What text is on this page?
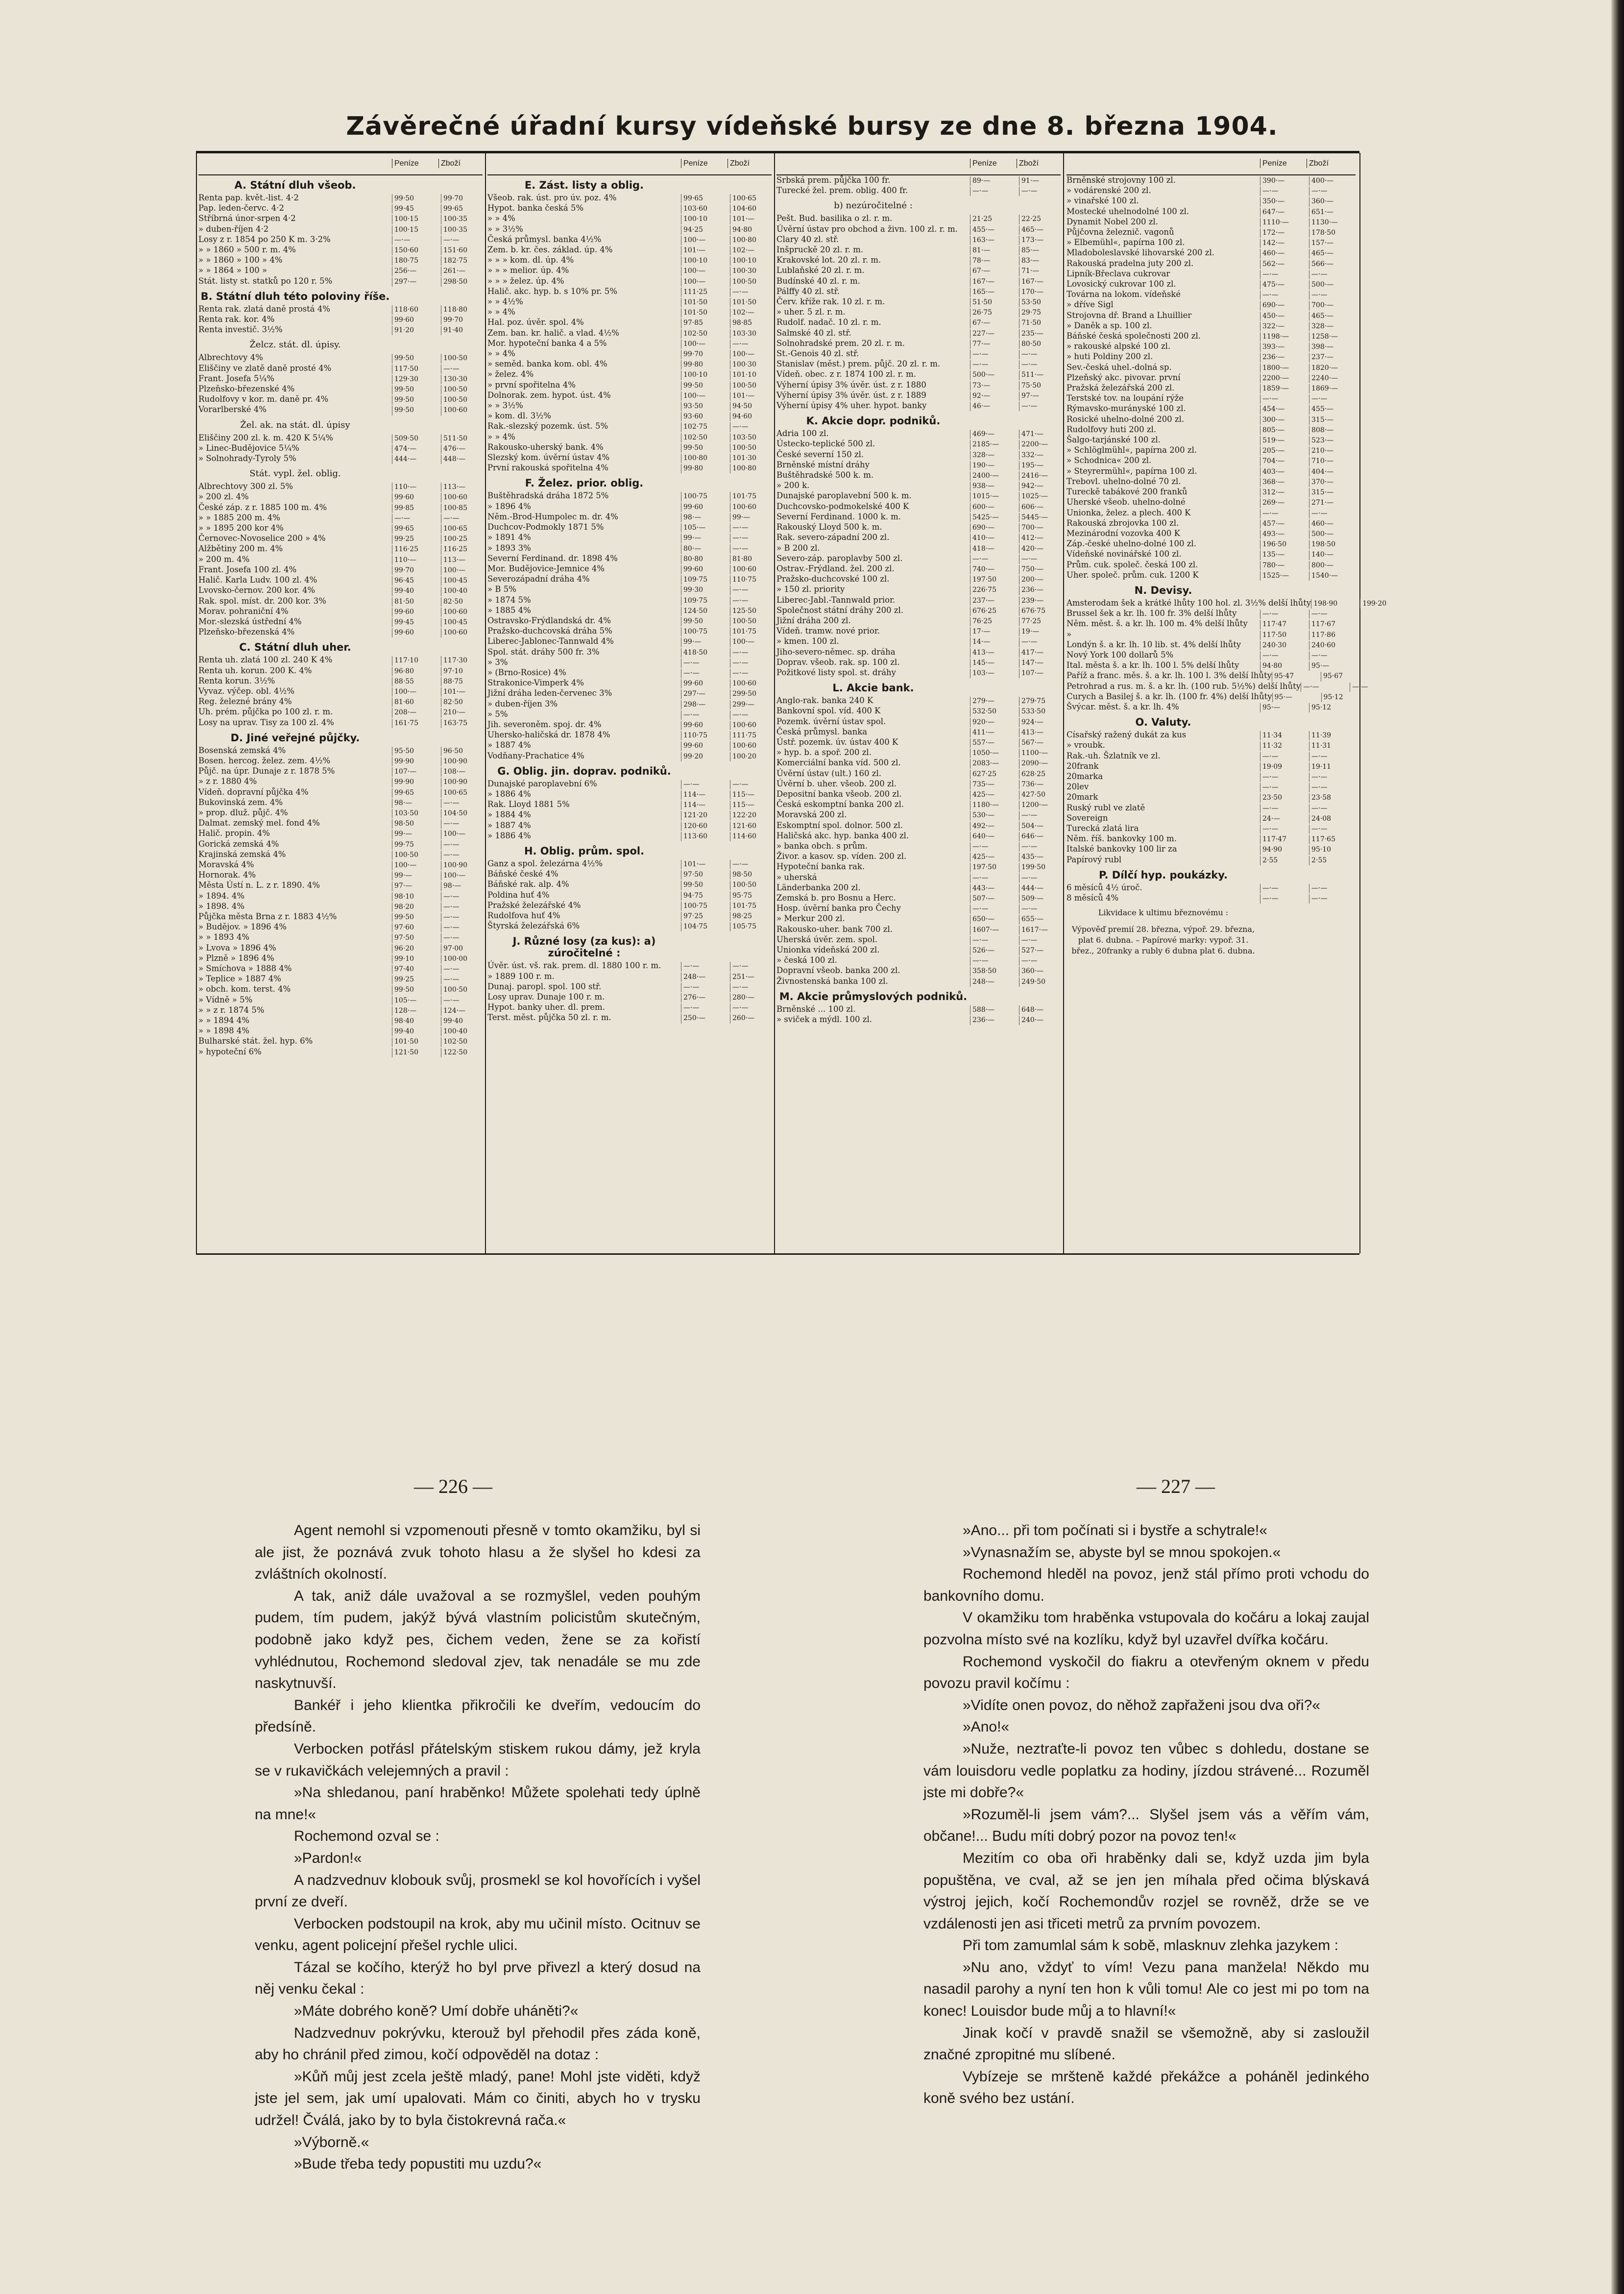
Závěrečné úřadní kursy vídeňské bursy ze dne 8. března 1904.
Peníze	Zboží
A. Státní dluh všeob.
Renta pap. květ.-list. 4·2	99·50	99·70
Pap. leden-červc. 4·2	99·45	99·65
Stříbrná únor-srpen 4·2	100·15	100·35
» duben-říjen 4·2	100·15	100·35
Losy z r. 1854 po 250 K m. 3·2%	—·—	—·—
» » 1860 » 500 r. m. 4%	150·60	151·60
» » 1860 » 100 » 4%	180·75	182·75
» » 1864 » 100 »	256·—	261·—
Stát. listy st. statků po 120 r. 5%	297·—	298·50
B. Státní dluh této poloviny říše.
Renta rak. zlatá daně prostá 4%	118·60	118·80
Renta rak. kor. 4%	99·60	99·70
Renta investič. 3½%	91·20	91·40
Želcz. stát. dl. úpisy.
Albrechtovy 4%	99·50	100·50
Eliščiny ve zlatě daně prosté 4%	117·50	—·—
Frant. Josefa 5¼%	129·30	130·30
Plzeňsko-březenské 4%	99·50	100·50
Rudolfovy v kor. m. daně pr. 4%	99·50	100·50
Vorarlberské 4%	99·50	100·60
Žel. ak. na stát. dl. úpisy
Eliščiny 200 zl. k. m. 420 K 5¼%	509·50	511·50
» Linec-Budějovice 5¼%	474·—	476·—
» Solnohrady-Tyroly 5%	444·—	448·—
Stát. vypl. žel. oblig.
Albrechtovy 300 zl. 5%	110·—	113·—
» 200 zl. 4%	99·60	100·60
České záp. z r. 1885 100 m. 4%	99·85	100·85
» » 1885 200 m. 4%	—·—	—·—
» » 1895 200 kor 4%	99·65	100·65
Černovec-Novoselice 200 » 4%	99·25	100·25
Alžbětiny 200 m. 4%	116·25	116·25
» 200 m. 4%	110·—	113·—
Frant. Josefa 100 zl. 4%	99·70	100·—
Halič. Karla Ludv. 100 zl. 4%	96·45	100·45
Lvovsko-černov. 200 kor. 4%	99·40	100·40
Rak. spol. míst. dr. 200 kor. 3%	81·50	82·50
Morav. pohraniční 4%	99·60	100·60
Mor.-slezská ústřední 4%	99·45	100·45
Plzeňsko-březenská 4%	99·60	100·60
C. Státní dluh uher.
Renta uh. zlatá 100 zl. 240 K 4%	117·10	117·30
Renta uh. korun. 200 K. 4%	96·80	97·10
Renta korun. 3½%	88·55	88·75
Vyvaz. výčep. obl. 4½%	100·—	101·—
Reg. železné brány 4%	81·60	82·50
Uh. prém. půjčka po 100 zl. r. m.	208·—	210·—
Losy na uprav. Tisy za 100 zl. 4%	161·75	163·75
D. Jiné veřejné půjčky.
Bosenská zemská 4%	95·50	96·50
Bosen. hercog. želez. zem. 4½%	99·90	100·90
Půjč. na úpr. Dunaje z r. 1878 5%	107·—	108·—
» z r. 1880 4%	99·90	100·90
Vídeň. dopravní půjčka 4%	99·65	100·65
Bukovinská zem. 4%	98·—	—·—
» prop. dluž. půjč. 4%	103·50	104·50
Dalmat. zemský mel. fond 4%	98·50	—·—
Halič. propin. 4%	99·—	100·—
Gorická zemská 4%	99·75	—·—
Krajinská zemská 4%	100·50	—·—
Moravská 4%	100·—	100·90
Hornorak. 4%	99·—	100·—
Města Ústí n. L. z r. 1890. 4%	97·—	98·—
» 1894. 4%	98·10	—·—
» 1898. 4%	98·20	—·—
Půjčka města Brna z r. 1883 4½%	99·50	—·—
» Budějov. » 1896 4%	97·60	—·—
» » 1893 4%	97·50	—·—
» Lvova » 1896 4%	96·20	97·00
» Plzně » 1896 4%	99·10	100·00
» Smíchova » 1888 4%	97·40	—·—
» Teplice » 1887 4%	99·25	—·—
» obch. kom. terst. 4%	99·50	100·50
» Vídně » 5%	105·—	—·—
» » z r. 1874 5%	128·—	124·—
» » 1894 4%	98·40	99·40
» » 1898 4%	99·40	100·40
Bulharské stát. žel. hyp. 6%	101·50	102·50
» hypoteční 6%	121·50	122·50
Peníze	Zboží
E. Zást. listy a oblig.
Všeob. rak. úst. pro úv. poz. 4%	99·65	100·65
Hypot. banka česká 5%	103·60	104·60
» » 4%	100·10	101·—
» » 3½%	94·25	94·80
Česká průmysl. banka 4½%	100·—	100·80
Zem. b. kr. čes. základ. úp. 4%	101·—	102·—
» » » kom. dl. úp. 4%	100·10	100·10
» » » melior. úp. 4%	100·—	100·30
» » » želez. úp. 4%	100·—	100·50
Halič. akc. hyp. b. s 10% pr. 5%	111·25	—·—
» » 4½%	101·50	101·50
» » 4%	101·50	102·—
Hal. poz. úvěr. spol. 4%	97·85	98·85
Zem. ban. kr. halič. a vlad. 4½%	102·50	103·30
Mor. hypoteční banka 4 a 5%	100·—	—·—
» » 4%	99·70	100·—
» seměd. banka kom. obl. 4%	99·80	100·30
» želez. 4%	100·10	101·10
» první spořitelna 4%	99·50	100·50
Dolnorak. zem. hypot. úst. 4%	100·—	101·—
» » 3½%	93·50	94·50
» kom. dl. 3½%	93·60	94·60
Rak.-slezský pozemk. úst. 5%	102·75	—·—
» » 4%	102·50	103·50
Rakousko-uherský bank. 4%	99·50	100·50
Slezský kom. úvěrní ústav 4%	100·80	101·30
První rakouská spořitelna 4%	99·80	100·80
F. Želez. prior. oblig.
Buštěhradská dráha 1872 5%	100·75	101·75
» 1896 4%	99·60	100·60
Něm.-Brod-Humpolec m. dr. 4%	98·—	99·—
Duchcov-Podmokly 1871 5%	105·—	—·—
» 1891 4%	99·—	—·—
» 1893 3%	80·—	—·—
Severní Ferdinand. dr. 1898 4%	80·80	81·80
Mor. Budějovice-Jemnice 4%	99·60	100·60
Severozápadní dráha 4%	109·75	110·75
» B 5%	99·30	—·—
» 1874 5%	109·75	—·—
» 1885 4%	124·50	125·50
Ostravsko-Frýdlandská dr. 4%	99·50	100·50
Pražsko-duchcovská dráha 5%	100·75	101·75
Liberec-Jablonec-Tannwald 4%	99·—	100·—
Spol. stát. dráhy 500 fr. 3%	418·50	—·—
» 3%	—·—	—·—
» (Brno-Rosice) 4%	—·—	—·—
Strakonice-Vimperk 4%	99·60	100·60
Jižní dráha leden-červenec 3%	297·—	299·50
» duben-říjen 3%	298·—	299·—
» 5%	—·—	—·—
Jih. severoněm. spoj. dr. 4%	99·60	100·60
Uhersko-haličská dr. 1878 4%	110·75	111·75
» 1887 4%	99·60	100·60
Vodňany-Prachatice 4%	99·20	100·20
G. Oblig. jin. doprav. podniků.
Dunajské paroplavební 6%	—·—	—·—
» 1886 4%	114·—	115·—
Rak. Lloyd 1881 5%	114·—	115·—
» 1884 4%	121·20	122·20
» 1887 4%	120·60	121·60
» 1886 4%	113·60	114·60
H. Oblig. prům. spol.
Ganz a spol. železárna 4½%	101·—	—·—
Báňské české 4%	97·50	98·50
Báňské rak. alp. 4%	99·50	100·50
Poldina huť 4%	94·75	95·75
Pražské železářské 4%	100·75	101·75
Rudolfova huť 4%	97·25	98·25
Štyrská železářská 6%	104·75	105·75
J. Různé losy (za kus): a) zúročitelné :
Úvěr. úst. vš. rak. prem. dl. 1880 100 r. m.	—·—	—·—
» 1889 100 r. m.	248·—	251·—
Dunaj. paropl. spol. 100 stř.	—·—	—·—
Losy uprav. Dunaje 100 r. m.	276·—	280·—
Hypot. banky uher. dl. prem.	—·—	—·—
Terst. měst. půjčka 50 zl. r. m.	250·—	260·—
Peníze	Zboží
Srbská prem. půjčka 100 fr.	89·—	91·—
Turecké žel. prem. oblig. 400 fr.	—·—	—·—
b) nezúročitelné :
Pešt. Bud. basilika o zl. r. m.	21·25	22·25
Úvěrní ústav pro obchod a živn. 100 zl. r. m.	455·—	465·—
Clary 40 zl. stř.	163·—	173·—
Inšpruckě 20 zl. r. m.	81·—	85·—
Krakovské lot. 20 zl. r. m.	78·—	83·—
Lublaňské 20 zl. r. m.	67·—	71·—
Budínské 40 zl. r. m.	167·—	167·—
Pálffy 40 zl. stř.	165·—	170·—
Červ. kříže rak. 10 zl. r. m.	51·50	53·50
» uher. 5 zl. r. m.	26·75	29·75
Rudolf. nadač. 10 zl. r. m.	67·—	71·50
Salmské 40 zl. stř.	227·—	235·—
Solnohradské prem. 20 zl. r. m.	77·—	80·50
St.-Genois 40 zl. stř.	—·—	—·—
Stanislav (měst.) prem. půjč. 20 zl. r. m.	—·—	—·—
Vídeň. obec. z r. 1874 100 zl. r. m.	500·—	511·—
Výherní úpisy 3% úvěr. úst. z r. 1880	73·—	75·50
Výherní úpisy 3% úvěr. úst. z r. 1889	92·—	97·—
Výherní úpisy 4% uher. hypot. banky	46·—	—·—
K. Akcie dopr. podniků.
Adria 100 zl.	469·—	471·—
Ústecko-teplické 500 zl.	2185·—	2200·—
České severní 150 zl.	328·—	332·—
Brněnské místní dráhy	190·—	195·—
Buštěhradské 500 k. m.	2400·—	2416·—
» 200 k.	938·—	942·—
Dunajské paroplavební 500 k. m.	1015·—	1025·—
Duchcovsko-podmokelské 400 K	600·—	606·—
Severní Ferdinand. 1000 k. m.	5425·—	5445·—
Rakouský Lloyd 500 k. m.	690·—	700·—
Rak. severo-západní 200 zl.	410·—	412·—
» B 200 zl.	418·—	420·—
Severo-záp. paroplavby 500 zl.	—·—	—·—
Ostrav.-Frýdland. žel. 200 zl.	740·—	750·—
Pražsko-duchcovské 100 zl.	197·50	200·—
» 150 zl. priority	226·75	236·—
Liberec-Jabl.-Tannwald prior.	237·—	239·—
Společnost státní dráhy 200 zl.	676·25	676·75
Jižní dráha 200 zl.	76·25	77·25
Vídeň. tramw. nové prior.	17·—	19·—
» kmen. 100 zl.	14·—	—·—
Jiho-severo-němec. sp. dráha	413·—	417·—
Doprav. všeob. rak. sp. 100 zl.	145·—	147·—
Požitkové listy spol. st. dráhy	103·—	107·—
L. Akcie bank.
Anglo-rak. banka 240 K	279·—	279·75
Bankovní spol. víd. 400 K	532·50	533·50
Pozemk. úvěrní ústav spol.	920·—	924·—
Česká průmysl. banka	411·—	413·—
Ústř. pozemk. úv. ústav 400 K	557·—	567·—
» hyp. b. a spoř. 200 zl.	1050·—	1100·—
Komerciální banka víd. 500 zl.	2083·—	2090·—
Úvěrní ústav (ult.) 160 zl.	627·25	628·25
Úvěrní b. uher. všeob. 200 zl.	735·—	736·—
Depositní banka všeob. 200 zl.	425·—	427·50
Česká eskomptní banka 200 zl.	1180·—	1200·—
Moravská 200 zl.	530·—	—·—
Eskomptní spol. dolnor. 500 zl.	492·—	504·—
Haličská akc. hyp. banka 400 zl.	640·—	646·—
» banka obch. s prům.	—·—	—·—
Živor. a kasov. sp. víden. 200 zl.	425·—	435·—
Hypoteční banka rak.	197·50	199·50
» uherská	—·—	—·—
Länderbanka 200 zl.	443·—	444·—
Zemská b. pro Bosnu a Herc.	507·—	509·—
Hosp. úvěrní banka pro Čechy	—·—	—·—
» Merkur 200 zl.	650·—	655·—
Rakousko-uher. bank 700 zl.	1607·—	1617·—
Uherská úvěr. zem. spol.	—·—	—·—
Unionka vídeňská 200 zl.	526·—	527·—
» česká 100 zl.	—·—	—·—
Dopravní všeob. banka 200 zl.	358·50	360·—
Živnostenská banka 100 zl.	248·—	249·50
M. Akcie průmyslových podniků.
Brněnské ... 100 zl.	588·—	648·—
» sviček a mýdl. 100 zl.	236·—	240·—
Peníze	Zboží
Brněnské strojovny 100 zl.	390·—	400·—
» vodárenské 200 zl.	—·—	—·—
» vinařské 100 zl.	350·—	360·—
Mostecké uhelnodolné 100 zl.	647·—	651·—
Dynamit Nobel 200 zl.	1110·—	1130·—
Půjčovna železnič. vagonů	172·—	178·50
» Elbemühl«, papírna 100 zl.	142·—	157·—
Mladoboleslavské lihovarské 200 zl.	460·—	465·—
Rakouská pradelna juty 200 zl.	562·—	566·—
Lipník-Břeclava cukrovar	—·—	—·—
Lovosický cukrovar 100 zl.	475·—	500·—
Továrna na lokom. vídeňské	—·—	—·—
» dříve Sigl	690·—	700·—
Strojovna dř. Brand a Lhuillier	450·—	465·—
» Daněk a sp. 100 zl.	322·—	328·—
Báňské česká společnosti 200 zl.	1198·—	1258·—
» rakouské alpské 100 zl.	393·—	398·—
» huti Poldiny 200 zl.	236·—	237·—
Sev.-česká uhel.-dolná sp.	1800·—	1820·—
Plzeňský akc. pivovar. první	2200·—	2240·—
Pražská železářská 200 zl.	1859·—	1869·—
Terstské tov. na loupání rýže	—·—	—·—
Rýmavsko-murányské 100 zl.	454·—	455·—
Rosické uhelno-dolné 200 zl.	300·—	315·—
Rudolfovy huti 200 zl.	805·—	808·—
Šalgo-tarjánské 100 zl.	519·—	523·—
» Schlöglmühl«, papírna 200 zl.	205·—	210·—
» Schodnica« 200 zl.	704·—	710·—
» Steyrermühl«, papírna 100 zl.	403·—	404·—
Trebovl. uhelno-dolné 70 zl.	368·—	370·—
Tureckě tabákové 200 franků	312·—	315·—
Uherské všeob. uhelno-dolné	269·—	271·—
Unionka, želez. a plech. 400 K	—·—	—·—
Rakouská zbrojovka 100 zl.	457·—	460·—
Mezinárodní vozovka 400 K	493·—	500·—
Záp.-české uhelno-dolné 100 zl.	196·50	198·50
Vídeňské novinářské 100 zl.	135·—	140·—
Prům. cuk. společ. česká 100 zl.	780·—	800·—
Uher. společ. prům. cuk. 1200 K	1525·—	1540·—
N. Devisy.
Amsterodam šek a krátké lhůty 100 hol. zl. 3½% delší lhůty 198·90	199·20
Brussel šek a kr. lh. 100 fr. 3% delší lhůty	—·—	—·—
Něm. měst. š. a kr. lh. 100 m. 4% delší lhůty	117·47	117·67
»	117·50	117·86
Londýn š. a kr. lh. 10 lib. st. 4% delší lhůty	240·30	240·60
Nový York 100 dollarů 5%	—·—	—·—
Ital. města š. a kr. lh. 100 l. 5% delší lhůty	94·80	95·—
Paříž a franc. měs. š. a kr. lh. 100 l. 3% delší lhůty 95·47	95·67
Petrohrad a rus. m. š. a kr. lh. (100 rub. 5½%) delší lhůty —·—	—·—
Curych a Basilej š. a kr. lh. (100 fr. 4%) delší lhůty 95·—	95·12
Švýcar. měst. š. a kr. lh. 4%	95·—	95·12
O. Valuty.
Císařský ražený dukát za kus	11·34	11·39
» vroubk.	11·32	11·31
Rak.-uh. Šzlatník ve zl.	—·—	—·—
20frank	19·09	19·11
20marka	—·—	—·—
20lev	—·—	—·—
20mark	23·50	23·58
Ruský rubl ve zlatě	—·—	—·—
Sovereign	24·—	24·08
Turecká zlatá lira	—·—	—·—
Něm. říš. bankovky 100 m.	117·47	117·65
Italské bankovky 100 lir za	94·90	95·10
Papírový rubl	2·55	2·55
P. Dílčí hyp. poukázky.
6 měsíců 4½ úroč.	—·—	—·—
8 měsíců 4%	—·—	—·—
Likvidace k ultimu březnovému :
Výpověď premií 28. března, výpoř. 29. března, plat 6. dubna. – Papírové marky: vypoř. 31. břez., 20franky a rubly 6 dubna plat 6. dubna.
— 226 —	— 227 —

Agent nemohl si vzpomenouti přesně v tomto okamžiku, byl si ale jist, že poznává zvuk tohoto hlasu a že slyšel ho kdesi za zvláštních okolností.

A tak, aniž dále uvažoval a se rozmyšlel, veden pouhým pudem, tím pudem, jakýž bývá vlastním policistům skutečným, podobně jako když pes, čichem veden, žene se za kořistí vyhlédnutou, Rochemond sledoval zjev, tak nenadále se mu zde naskytnuvší.

Bankéř i jeho klientka přikročili ke dveřím, vedoucím do předsíně.

Verbocken potřásl přátelským stiskem rukou dámy, jež kryla se v rukavičkách velejemných a pravil :

»Na shledanou, paní hraběnko! Můžete spolehati tedy úplně na mne!«

Rochemond ozval se :

»Pardon!«

A nadzvednuv klobouk svůj, prosmekl se kol hovořících i vyšel první ze dveří.

Verbocken podstoupil na krok, aby mu učinil místo. Ocitnuv se venku, agent policejní přešel rychle ulici.

Tázal se kočího, kterýž ho byl prve přivezl a který dosud na něj venku čekal :

»Máte dobrého koně? Umí dobře uháněti?«

Nadzvednuv pokrývku, kterouž byl přehodil přes záda koně, aby ho chránil před zimou, kočí odpověděl na dotaz :

»Kůň můj jest zcela ještě mladý, pane! Mohl jste viděti, když jste jel sem, jak umí upalovati. Mám co činiti, abych ho v trysku udržel! Čválá, jako by to byla čistokrevná rača.«

»Výborně.«

»Bude třeba tedy popustiti mu uzdu?«

»Ano... při tom počínati si i bystře a schytrale!«

»Vynasnažím se, abyste byl se mnou spokojen.«

Rochemond hleděl na povoz, jenž stál přímo proti vchodu do bankovního domu.

V okamžiku tom hraběnka vstupovala do kočáru a lokaj zaujal pozvolna místo své na kozlíku, když byl uzavřel dvířka kočáru.

Rochemond vyskočil do fiakru a otevřeným oknem v předu povozu pravil kočímu :

»Vidíte onen povoz, do něhož zapřaženi jsou dva oři?«

»Ano!«

»Nuže, neztraťte-li povoz ten vůbec s dohledu, dostane se vám louisdoru vedle poplatku za hodiny, jízdou strávené... Rozuměl jste mi dobře?«

»Rozuměl-li jsem vám?... Slyšel jsem vás a věřím vám, občane!... Budu míti dobrý pozor na povoz ten!«

Mezitím co oba oři hraběnky dali se, když uzda jim byla popuštěna, ve cval, až se jen jen míhala před očima blýskavá výstroj jejich, kočí Rochemondův rozjel se rovněž, drže se ve vzdálenosti jen asi třiceti metrů za prvním povozem.

Při tom zamumlal sám k sobě, mlasknuv zlehka jazykem :

»Nu ano, vždyť to vím! Vezu pana manžela! Někdo mu nasadil parohy a nyní ten hon k vůli tomu! Ale co jest mi po tom na konec! Louisdor bude můj a to hlavní!«

Jinak kočí v pravdě snažil se všemožně, aby si zasloužil značné zpropitné mu slíbené.

Vybízeje se mršteně každé překážce a poháněl jedinkého koně svého bez ustání.
